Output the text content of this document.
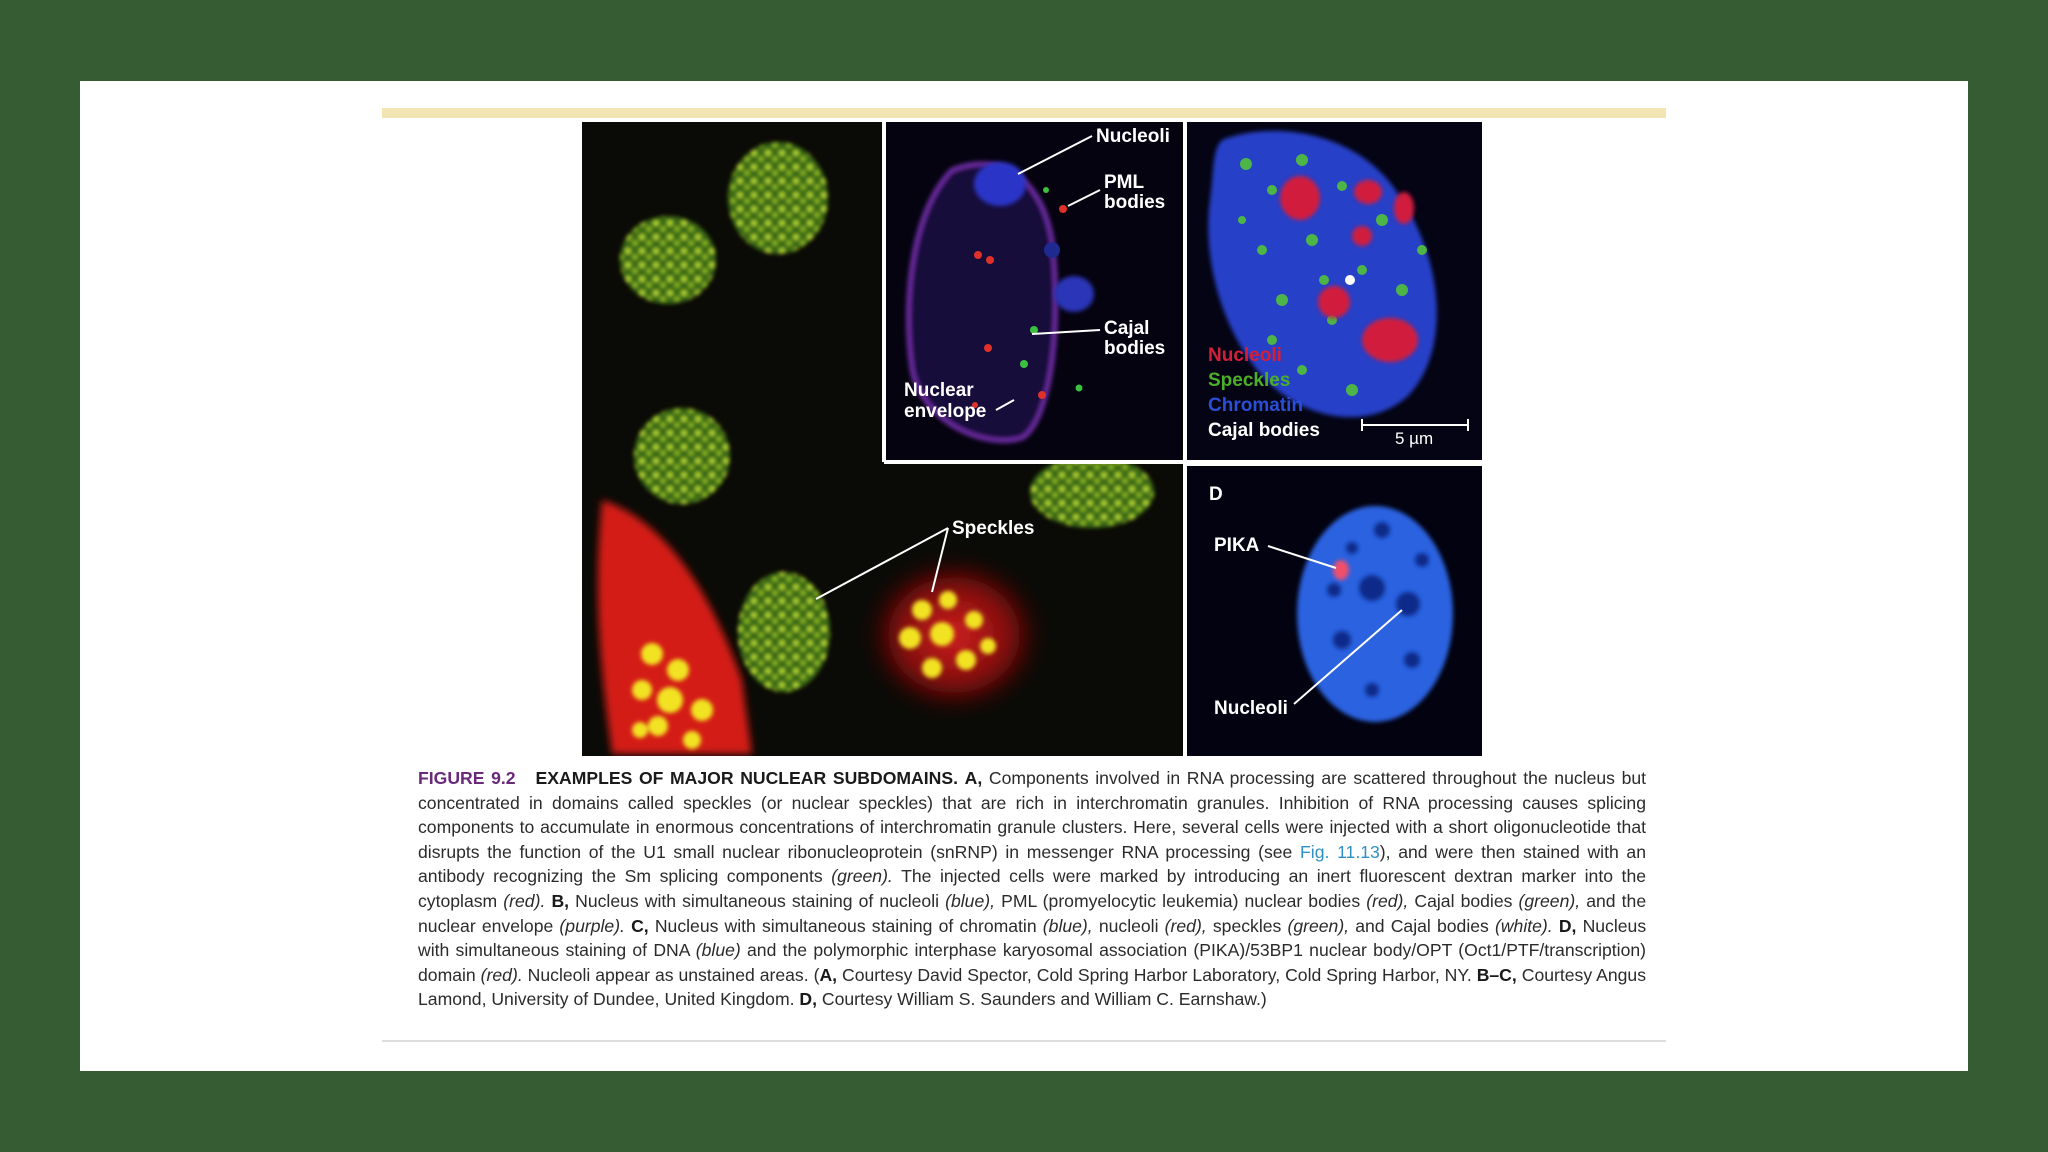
Speckles
Nucleoli
PML bodies
Cajal bodies
Nuclear envelope
Nucleoli
Speckles
Chromatin
Cajal bodies	5 µm
D
PIKA
Nucleoli
FIGURE 9.2 EXAMPLES OF MAJOR NUCLEAR SUBDOMAINS. A, Components involved in RNA processing are scattered throughout the nucleus but concentrated in domains called speckles (or nuclear speckles) that are rich in interchromatin granules. Inhibition of RNA processing causes splicing components to accumulate in enormous concentrations of interchromatin granule clusters. Here, several cells were injected with a short oligonucleotide that disrupts the function of the U1 small nuclear ribonucleoprotein (snRNP) in messenger RNA processing (see Fig. 11.13), and were then stained with an antibody recognizing the Sm splicing components (green). The injected cells were marked by introducing an inert fluorescent dextran marker into the cytoplasm (red). B, Nucleus with simultaneous staining of nucleoli (blue), PML (promyelocytic leukemia) nuclear bodies (red), Cajal bodies (green), and the nuclear envelope (purple). C, Nucleus with simultaneous staining of chromatin (blue), nucleoli (red), speckles (green), and Cajal bodies (white). D, Nucleus with simultaneous staining of DNA (blue) and the polymorphic interphase karyosomal association (PIKA)/53BP1 nuclear body/OPT (Oct1/PTF/transcription) domain (red). Nucleoli appear as unstained areas. (A, Courtesy David Spector, Cold Spring Harbor Laboratory, Cold Spring Harbor, NY. B–C, Courtesy Angus Lamond, University of Dundee, United Kingdom. D, Courtesy William S. Saunders and William C. Earnshaw.)
